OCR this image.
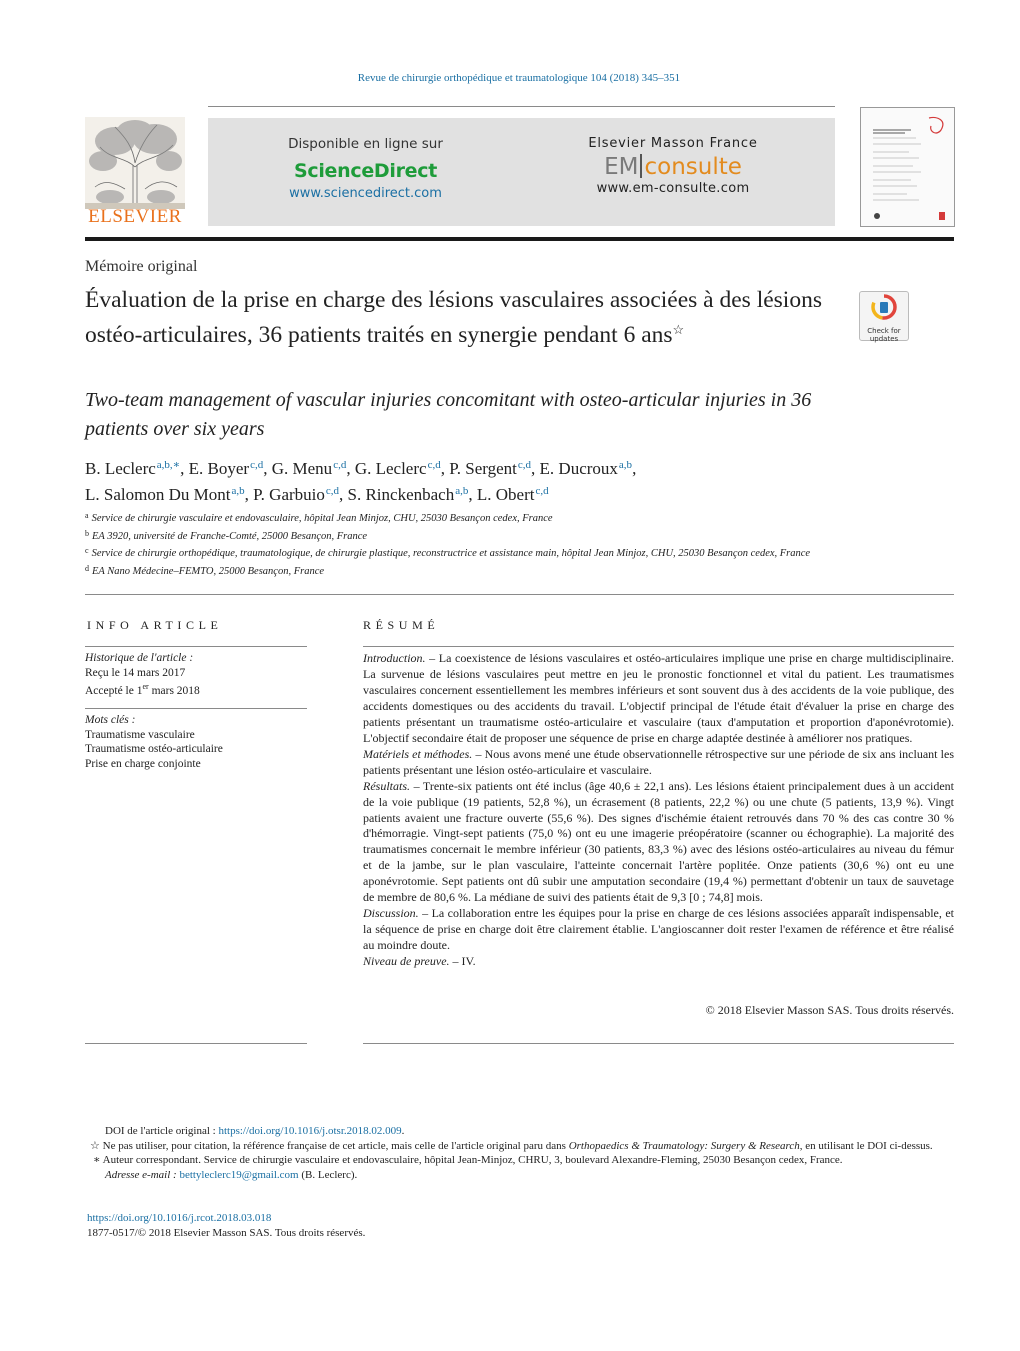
Revue de chirurgie orthopédique et traumatologique 104 (2018) 345–351
ELSEVIER
Disponible en ligne sur
ScienceDirect
www.sciencedirect.com
Elsevier Masson France
EM consulte
www.em-consulte.com
Mémoire original
Évaluation de la prise en charge des lésions vasculaires associées à des lésions ostéo-articulaires, 36 patients traités en synergie pendant 6 ans☆	Check for
updates
Two-team management of vascular injuries concomitant with osteo-articular injuries in 36 patients over six years
B. Leclerc$^{a,b,∗}$, E. Boyer$^{c,d}$, G. Menu$^{c,d}$, G. Leclerc$^{c,d}$, P. Sergent$^{c,d}$, E. Ducroux$^{a,b}$,
L. Salomon Du Mont$^{a,b}$, P. Garbuio$^{c,d}$, S. Rinckenbach$^{a,b}$, L. Obert$^{c,d}$
$^a$ Service de chirurgie vasculaire et endovasculaire, hôpital Jean Minjoz, CHU, 25030 Besançon cedex, France
$^b$ EA 3920, université de Franche-Comté, 25000 Besançon, France
$^c$ Service de chirurgie orthopédique, traumatologique, de chirurgie plastique, reconstructrice et assistance main, hôpital Jean Minjoz, CHU, 25030 Besançon cedex, France
$^d$ EA Nano Médecine–FEMTO, 25000 Besançon, France
INFO ARTICLE
Historique de l'article :
Reçu le 14 mars 2017
Accepté le 1er mars 2018
Mots clés :
Traumatisme vasculaire
Traumatisme ostéo-articulaire
Prise en charge conjointe
RÉSUMÉ

Introduction. – La coexistence de lésions vasculaires et ostéo-articulaires implique une prise en charge multidisciplinaire. La survenue de lésions vasculaires peut mettre en jeu le pronostic fonctionnel et vital du patient. Les traumatismes vasculaires concernent essentiellement les membres inférieurs et sont souvent dus à des accidents de la voie publique, des accidents domestiques ou des accidents du travail. L'objectif principal de l'étude était d'évaluer la prise en charge des patients présentant un traumatisme ostéo-articulaire et vasculaire (taux d'amputation et proportion d'aponévrotomie). L'objectif secondaire était de proposer une séquence de prise en charge adaptée destinée à améliorer nos pratiques.

Matériels et méthodes. – Nous avons mené une étude observationnelle rétrospective sur une période de six ans incluant les patients présentant une lésion ostéo-articulaire et vasculaire.

Résultats. – Trente-six patients ont été inclus (âge 40,6 ± 22,1 ans). Les lésions étaient principalement dues à un accident de la voie publique (19 patients, 52,8 %), un écrasement (8 patients, 22,2 %) ou une chute (5 patients, 13,9 %). Vingt patients avaient une fracture ouverte (55,6 %). Des signes d'ischémie étaient retrouvés dans 70 % des cas contre 30 % d'hémorragie. Vingt-sept patients (75,0 %) ont eu une imagerie préopératoire (scanner ou échographie). La majorité des traumatismes concernait le membre inférieur (30 patients, 83,3 %) avec des lésions ostéo-articulaires au niveau du fémur et de la jambe, sur le plan vasculaire, l'atteinte concernait l'artère poplitée. Onze patients (30,6 %) ont eu une aponévrotomie. Sept patients ont dû subir une amputation secondaire (19,4 %) permettant d'obtenir un taux de sauvetage de membre de 80,6 %. La médiane de suivi des patients était de 9,3 [0 ; 74,8] mois.

Discussion. – La collaboration entre les équipes pour la prise en charge de ces lésions associées apparaît indispensable, et la séquence de prise en charge doit être clairement établie. L'angioscanner doit rester l'examen de référence et être réalisé au moindre doute.

Niveau de preuve. – IV.

© 2018 Elsevier Masson SAS. Tous droits réservés.

DOI de l'article original : https://doi.org/10.1016/j.otsr.2018.02.009.

☆ Ne pas utiliser, pour citation, la référence française de cet article, mais celle de l'article original paru dans Orthopaedics & Traumatology: Surgery & Research, en utilisant le DOI ci-dessus.

∗ Auteur correspondant. Service de chirurgie vasculaire et endovasculaire, hôpital Jean-Minjoz, CHRU, 3, boulevard Alexandre-Fleming, 25030 Besançon cedex, France.

Adresse e-mail : bettyleclerc19@gmail.com (B. Leclerc).

https://doi.org/10.1016/j.rcot.2018.03.018
1877-0517/© 2018 Elsevier Masson SAS. Tous droits réservés.
